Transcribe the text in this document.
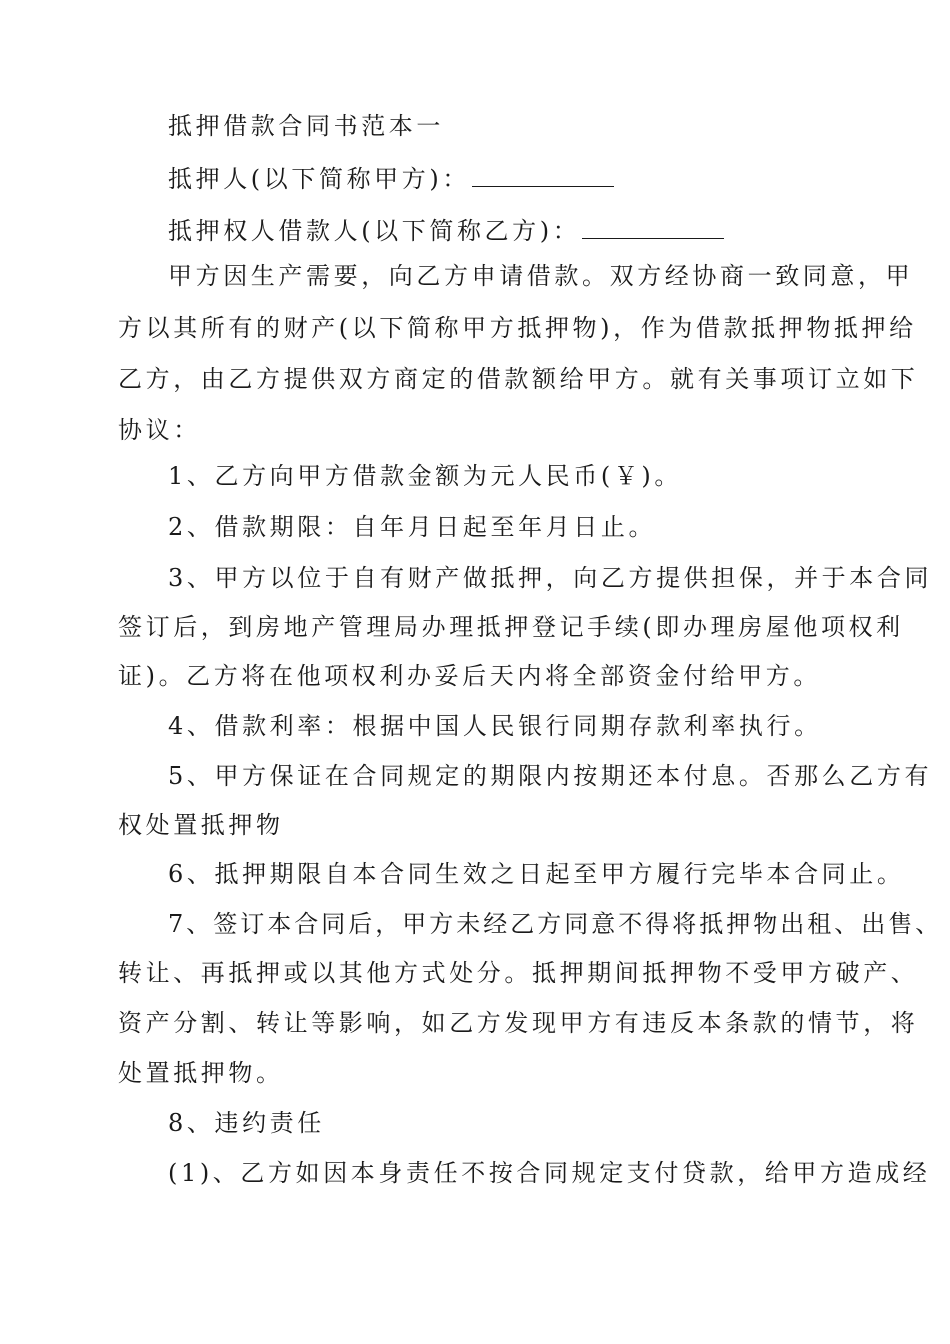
抵押借款合同书范本一
抵押人(以下简称甲方)：
抵押权人借款人(以下简称乙方)：
甲方因生产需要，向乙方申请借款。双方经协商一致同意，甲
方以其所有的财产(以下简称甲方抵押物)，作为借款抵押物抵押给
乙方，由乙方提供双方商定的借款额给甲方。就有关事项订立如下
协议：
1、乙方向甲方借款金额为元人民币(￥)。
2、借款期限：自年月日起至年月日止。
3、甲方以位于自有财产做抵押，向乙方提供担保，并于本合同
签订后，到房地产管理局办理抵押登记手续(即办理房屋他项权利
证)。乙方将在他项权利办妥后天内将全部资金付给甲方。
4、借款利率：根据中国人民银行同期存款利率执行。
5、甲方保证在合同规定的期限内按期还本付息。否那么乙方有
权处置抵押物
6、抵押期限自本合同生效之日起至甲方履行完毕本合同止。
7、签订本合同后，甲方未经乙方同意不得将抵押物出租、出售、
转让、再抵押或以其他方式处分。抵押期间抵押物不受甲方破产、
资产分割、转让等影响，如乙方发现甲方有违反本条款的情节，将
处置抵押物。
8、违约责任
(1)、乙方如因本身责任不按合同规定支付贷款，给甲方造成经
